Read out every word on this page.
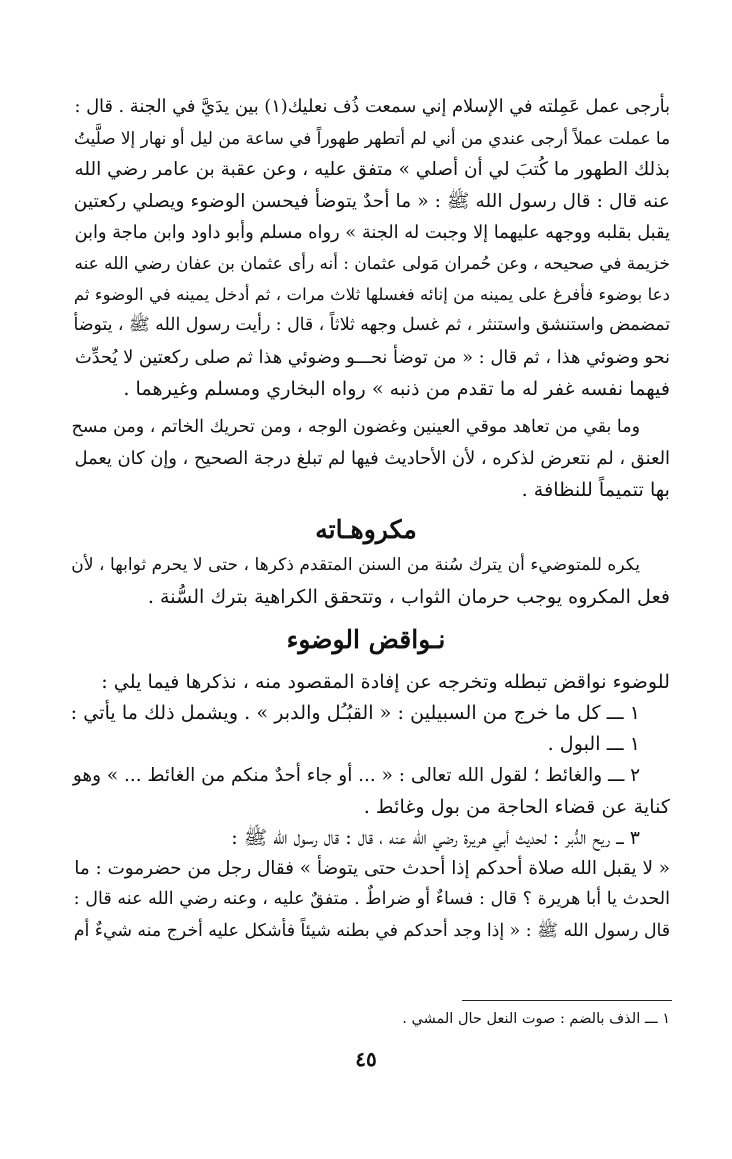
بأرجى عمل عَمِلته في الإسلام إني سمعت ذُف نعليك(١) بين يدَيَّ في الجنة . قال :
ما عملت عملاً أرجى عندي من أني لم أتطهر طهوراً في ساعة من ليل أو نهار إلا صلَّيتُ
بذلك الطهور ما كُتبَ لي أن أصلي » متفق عليه ، وعن عقبة بن عامر رضي الله
عنه قال : قال رسول الله ﷺ : « ما أحدٌ يتوضأ فيحسن الوضوء ويصلي ركعتين
يقبل بقلبه ووجهه عليهما إلا وجبت له الجنة » رواه مسلم وأبو داود وابن ماجة وابن
خزيمة في صحيحه ، وعن حُمران مَولى عثمان : أنه رأى عثمان بن عفان رضي الله عنه
دعا بوضوء فأفرغ على يمينه من إنائه فغسلها ثلاث مرات ، ثم أدخل يمينه في الوضوء ثم
تمضمض واستنشق واستنثر ، ثم غسل وجهه ثلاثاً ، قال : رأيت رسول الله ﷺ ، يتوضأ
نحو وضوئي هذا ، ثم قال : « من توضأ نحـــو وضوئي هذا ثم صلى ركعتين لا يُحدِّث
فيهما نفسه غفر له ما تقدم من ذنبه » رواه البخاري ومسلم وغيرهما .

وما بقي من تعاهد موقي العينين وغضون الوجه ، ومن تحريك الخاتم ، ومن مسح
العنق ، لم نتعرض لذكره ، لأن الأحاديث فيها لم تبلغ درجة الصحيح ، وإن كان يعمل
بها تتميماً للنظافة .

مكروهـاته

يكره للمتوضيء أن يترك سُنة من السنن المتقدم ذكرها ، حتى لا يحرم ثوابها ، لأن
فعل المكروه يوجب حرمان الثواب ، وتتحقق الكراهية بترك السُّنة .

نـواقض الوضوء

للوضوء نواقض تبطله وتخرجه عن إفادة المقصود منه ، نذكرها فيما يلي :

١ ـــ كل ما خرج من السبيلين : « القبُـُل والدبر » . ويشمل ذلك ما يأتي :

١ ـــ البول .

٢ ـــ والغائط ؛ لقول الله تعالى : « ... أو جاء أحدٌ منكم من الغائط ... » وهو
كناية عن قضاء الحاجة من بول وغائط .

٣ ـــ ريح الدُّبر : لحديث أبي هريرة رضي الله عنه ، قال : قال رسول الله ﷺ :
« لا يقبل الله صلاة أحدكم إذا أحدث حتى يتوضأ » فقال رجل من حضرموت : ما
الحدث يا أبا هريرة ؟ قال : فساءٌ أو ضراطٌ . متفقٌ عليه ، وعنه رضي الله عنه قال :
قال رسول الله ﷺ : « إذا وجد أحدكم في بطنه شيئاً فأشكل عليه أخرج منه شيءٌ أم

١ ـــ الذف بالضم : صوت النعل حال المشي .
٤٥
